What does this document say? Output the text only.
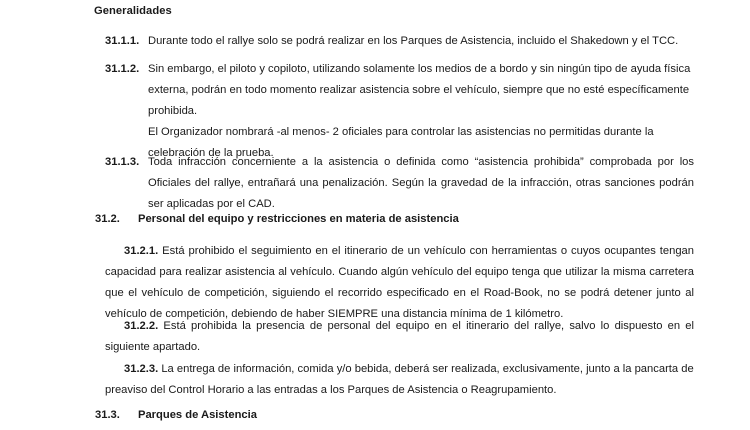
Generalidades
31.1.1. Durante todo el rallye solo se podrá realizar en los Parques de Asistencia, incluido el Shakedown y el TCC.
31.1.2. Sin embargo, el piloto y copiloto, utilizando solamente los medios de a bordo y sin ningún tipo de ayuda física externa, podrán en todo momento realizar asistencia sobre el vehículo, siempre que no esté específicamente prohibida.
El Organizador nombrará -al menos- 2 oficiales para controlar las asistencias no permitidas durante la celebración de la prueba.
31.1.3. Toda infracción concerniente a la asistencia o definida como “asistencia prohibida” comprobada por los Oficiales del rallye, entrañará una penalización. Según la gravedad de la infracción, otras sanciones podrán ser aplicadas por el CAD.
31.2. Personal del equipo y restricciones en materia de asistencia
31.2.1. Está prohibido el seguimiento en el itinerario de un vehículo con herramientas o cuyos ocupantes tengan capacidad para realizar asistencia al vehículo. Cuando algún vehículo del equipo tenga que utilizar la misma carretera que el vehículo de competición, siguiendo el recorrido especificado en el Road-Book, no se podrá detener junto al vehículo de competición, debiendo de haber SIEMPRE una distancia mínima de 1 kilómetro.
31.2.2. Está prohibida la presencia de personal del equipo en el itinerario del rallye, salvo lo dispuesto en el siguiente apartado.
31.2.3. La entrega de información, comida y/o bebida, deberá ser realizada, exclusivamente, junto a la pancarta de preaviso del Control Horario a las entradas a los Parques de Asistencia o Reagrupamiento.
31.3. Parques de Asistencia
